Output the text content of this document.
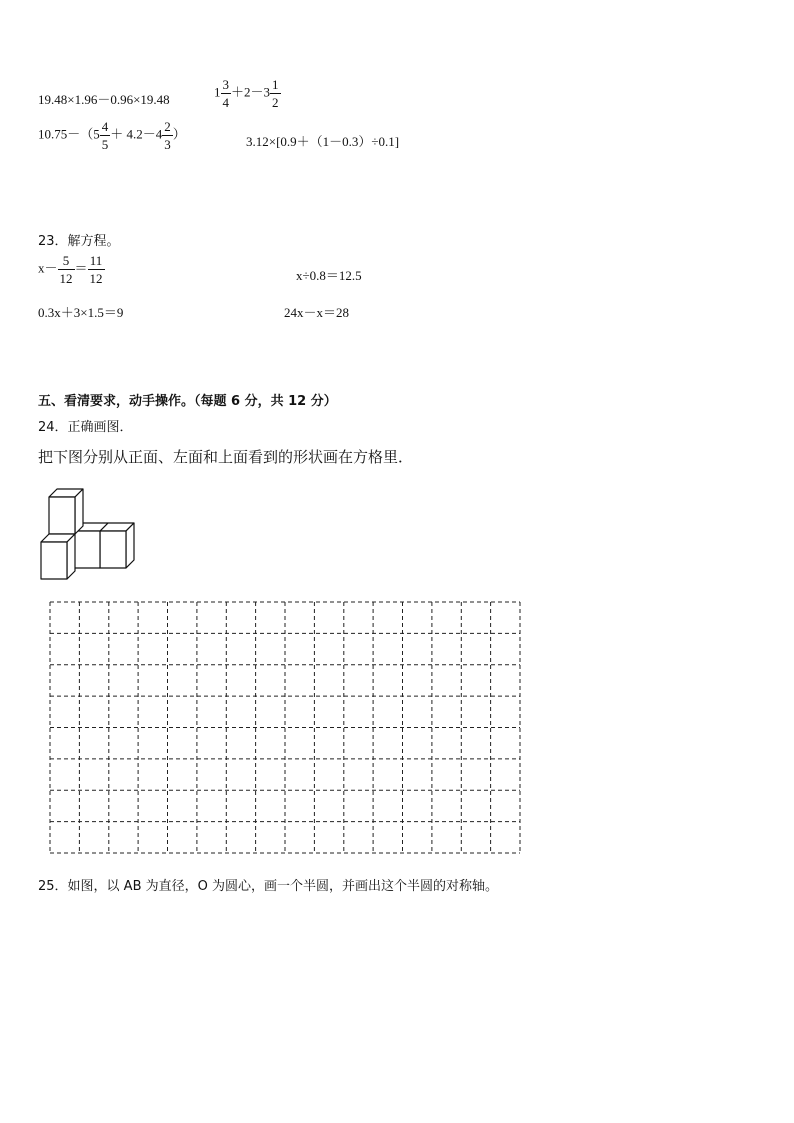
19.48×1.96－0.96×19.48
$1 \frac{3}{4} +2-3 \frac{1}{2}$
$10.75-(5 \frac{4}{5} + 4.2-4 \frac{2}{3}$ ）
3.12×[0.9＋（1－0.3）÷0.1]
23．解方程。
$x- \frac{5}{12} = \frac{11}{12}$	x÷0.8＝12.5
0.3x＋3×1.5＝9	24x－x＝28
五、看清要求，动手操作。（每题 6 分，共 12 分）
24．正确画图．
把下图分别从正面、左面和上面看到的形状画在方格里．
25．如图，以 AB 为直径，O 为圆心，画一个半圆，并画出这个半圆的对称轴。
